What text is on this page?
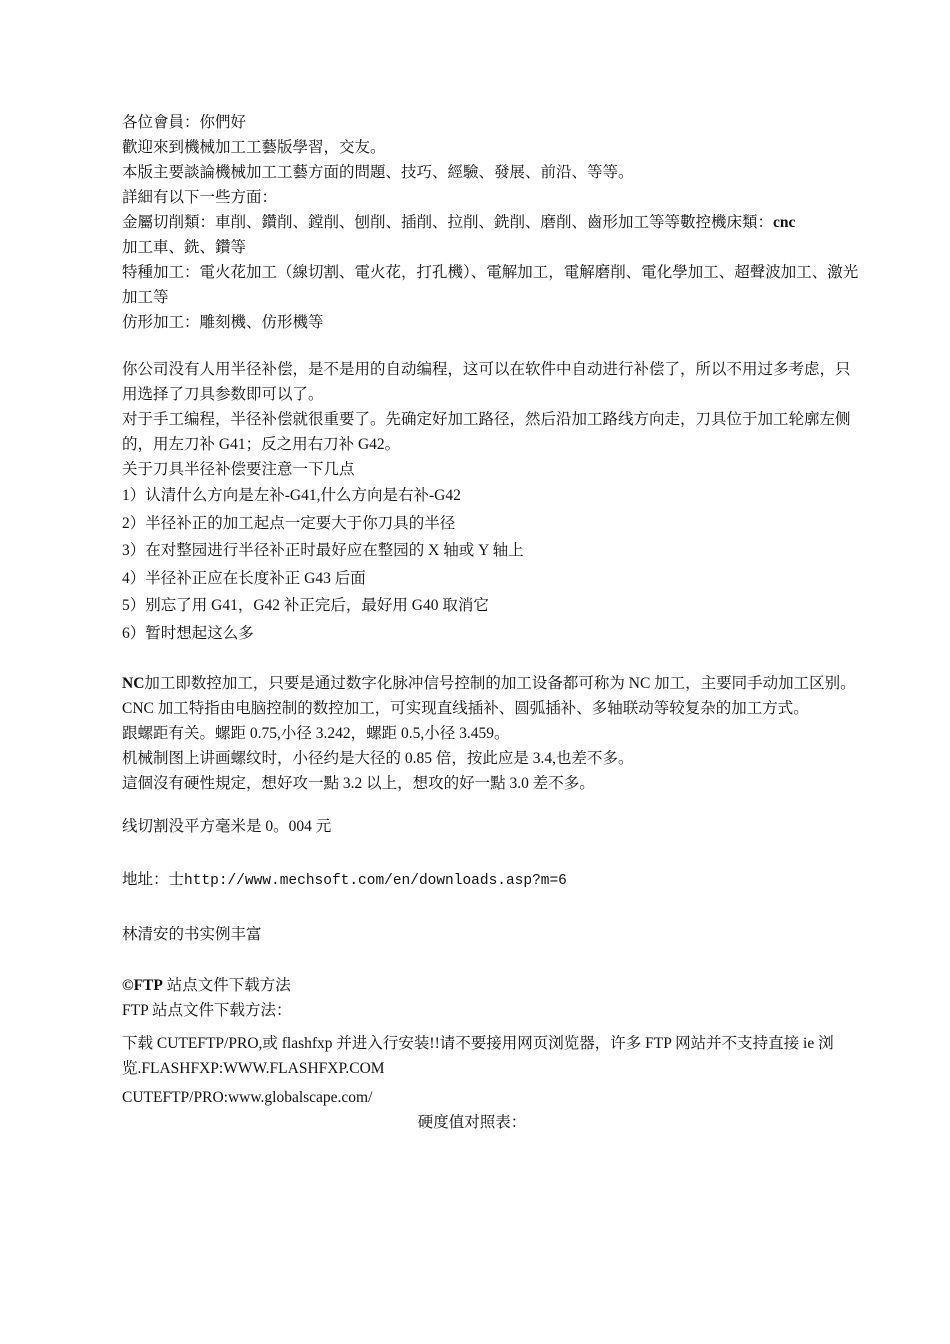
各位會員：你們好

歡迎來到機械加工工藝版學習，交友。

本版主要談論機械加工工藝方面的問題、技巧、經驗、發展、前沿、等等。

詳細有以下一些方面：

金屬切削類：車削、鑽削、鏜削、刨削、插削、拉削、銑削、磨削、齒形加工等等數控機床類：cnc
加工車、銑、鑽等

特種加工：電火花加工（線切割、電火花，打孔機）、電解加工，電解磨削、電化學加工、超聲波加工、激光加工等

仿形加工：雕刻機、仿形機等

你公司没有人用半径补偿，是不是用的自动编程，这可以在软件中自动进行补偿了，所以不用过多考虑，只用选择了刀具参数即可以了。

对于手工编程，半径补偿就很重要了。先确定好加工路径，然后沿加工路线方向走，刀具位于加工轮廓左侧的，用左刀补 G41；反之用右刀补 G42。

关于刀具半径补偿要注意一下几点

1）认清什么方向是左补-G41,什么方向是右补-G42

2）半径补正的加工起点一定要大于你刀具的半径

3）在对整园进行半径补正时最好应在整园的 X 轴或 Y 轴上

4）半径补正应在长度补正 G43 后面

5）别忘了用 G41，G42 补正完后，最好用 G40 取消它

6）暂时想起这么多

NC加工即数控加工，只要是通过数字化脉冲信号控制的加工设备都可称为 NC 加工，主要同手动加工区别。CNC 加工特指由电脑控制的数控加工，可实现直线插补、圆弧插补、多轴联动等较复杂的加工方式。

跟螺距有关。螺距 0.75,小径 3.242，螺距 0.5,小径 3.459。

机械制图上讲画螺纹时，小径约是大径的 0.85 倍，按此应是 3.4,也差不多。

這個沒有硬性規定，想好攻一點 3.2 以上，想攻的好一點 3.0 差不多。

线切割没平方毫米是 0。004 元

地址：士http://www.mechsoft.com/en/downloads.asp?m=6

林清安的书实例丰富

©FTP 站点文件下载方法

FTP 站点文件下载方法：

下载 CUTEFTP/PRO,或 flashfxp 并进入行安装!!请不要接用网页浏览器，许多 FTP 网站并不支持直接 ie 浏览.FLASHFXP:WWW.FLASHFXP.COM

CUTEFTP/PRO:www.globalscape.com/

硬度值对照表：
